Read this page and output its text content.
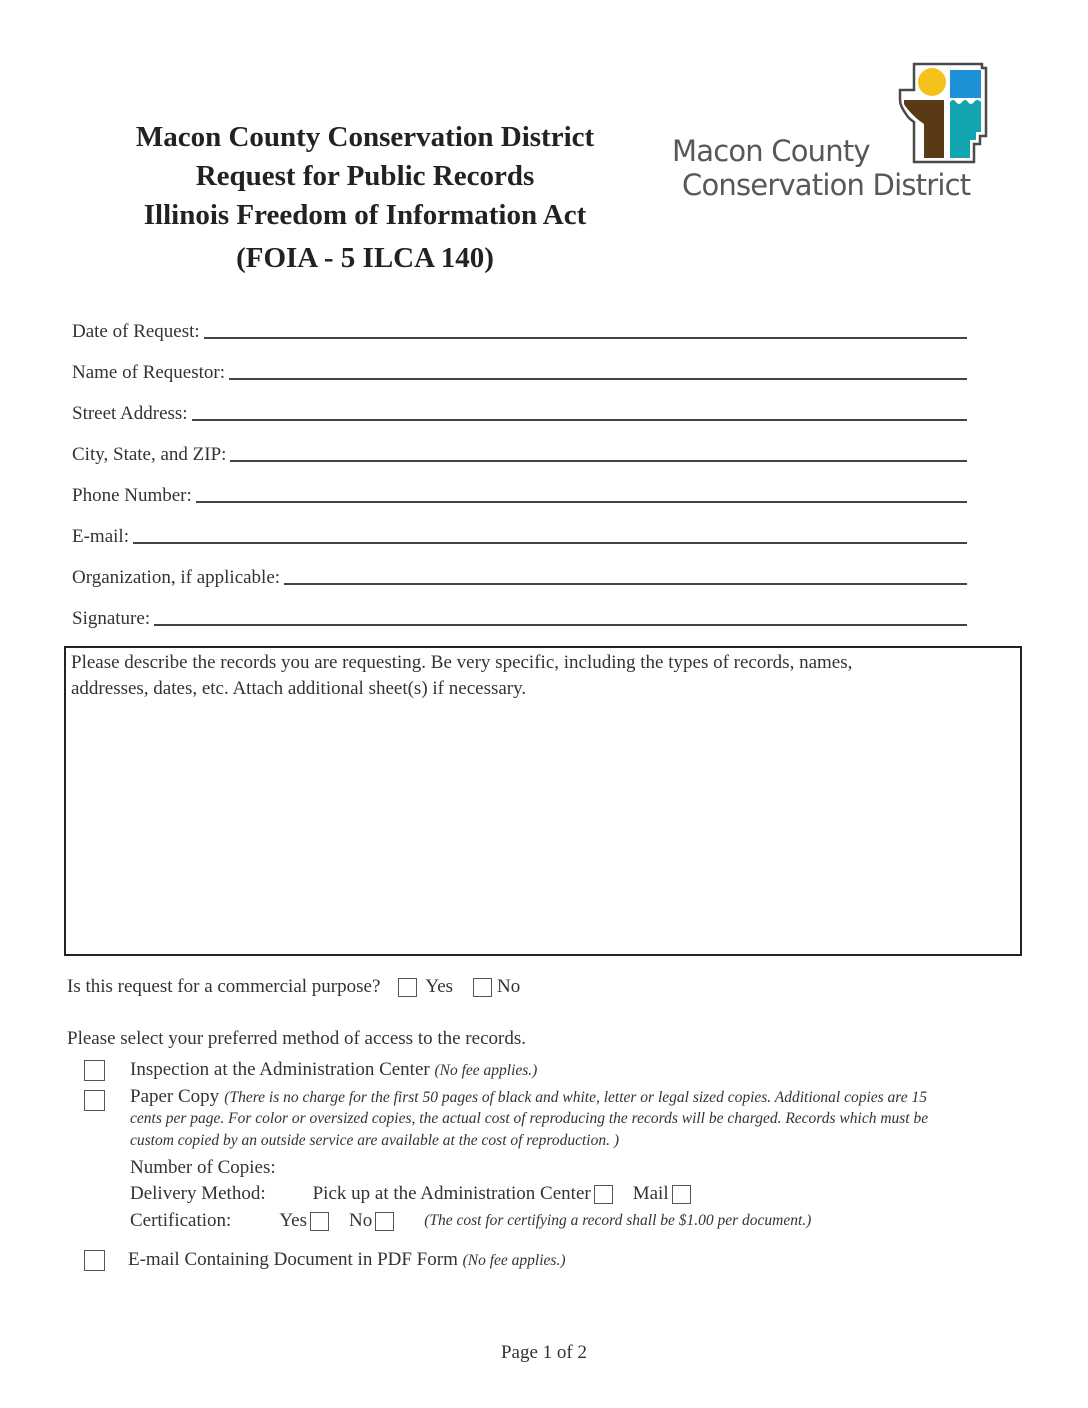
Macon County Conservation District
Request for Public Records
Illinois Freedom of Information Act
(FOIA - 5 ILCA 140)
Macon County
Conservation District
Date of Request:
Name of Requestor:
Street Address:
City, State, and ZIP:
Phone Number:
E-mail:
Organization, if applicable:
Signature:
Please describe the records you are requesting. Be very specific, including the types of records, names,
addresses, dates, etc. Attach additional sheet(s) if necessary.
Is this request for a commercial purpose? Yes No
Please select your preferred method of access to the records.
Inspection at the Administration Center (No fee applies.)
Paper Copy (There is no charge for the first 50 pages of black and white, letter or legal sized copies. Additional copies are 15
cents per page. For color or oversized copies, the actual cost of reproducing the records will be charged. Records which must be
custom copied by an outside service are available at the cost of reproduction. )
Number of Copies:
Delivery Method: Pick up at the Administration Center Mail
Certification:	Yes No	(The cost for certifying a record shall be $1.00 per document.)
E-mail Containing Document in PDF Form (No fee applies.)
Page 1 of 2
